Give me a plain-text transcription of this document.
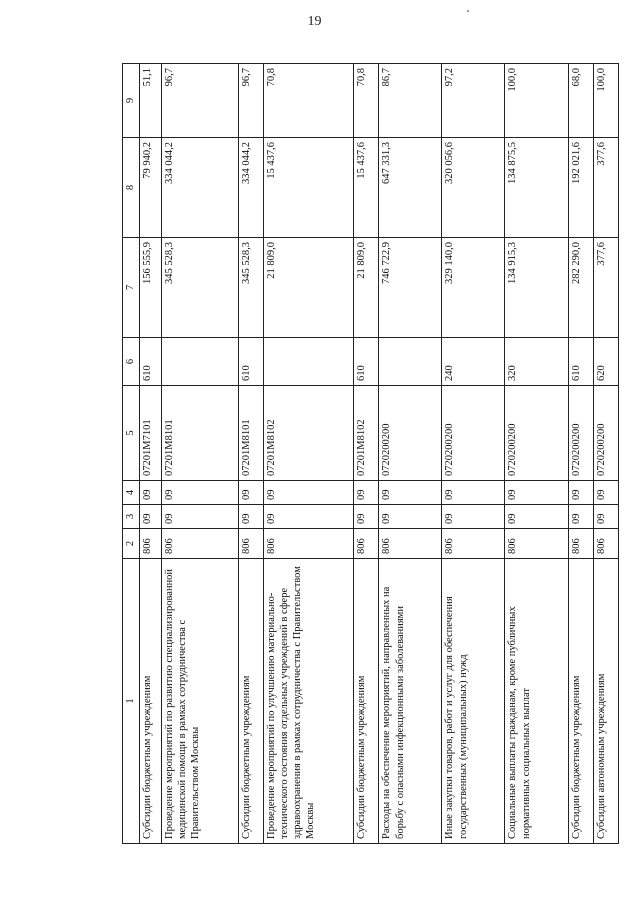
19
1	2	3	4	5	6	7	8	9
Субсидии бюджетным учреждениям	806	09	09	07201М7101	610	156 555,9	79 940,2	51,1
Проведение мероприятий по развитию специализированной медицинской помощи в рамках сотрудничества с Правительством Москвы	806	09	09	07201М8101		345 528,3	334 044,2	96,7
Субсидии бюджетным учреждениям	806	09	09	07201М8101	610	345 528,3	334 044,2	96,7
Проведение мероприятий по улучшению материально-технического состояния отдельных учреждений в сфере здравоохранения в рамках сотрудничества с Правительством Москвы	806	09	09	07201М8102		21 809,0	15 437,6	70,8
Субсидии бюджетным учреждениям	806	09	09	07201М8102	610	21 809,0	15 437,6	70,8
Расходы на обеспечение мероприятий, направленных на борьбу с опасными инфекционными заболеваниями	806	09	09	0720200200		746 722,9	647 331,3	86,7
Иные закупки товаров, работ и услуг для обеспечения государственных (муниципальных) нужд	806	09	09	0720200200	240	329 140,0	320 056,6	97,2
Социальные выплаты гражданам, кроме публичных нормативных социальных выплат	806	09	09	0720200200	320	134 915,3	134 875,5	100,0
Субсидии бюджетным учреждениям	806	09	09	0720200200	610	282 290,0	192 021,6	68,0
Субсидии автономным учреждениям	806	09	09	0720200200	620	377,6	377,6	100,0
